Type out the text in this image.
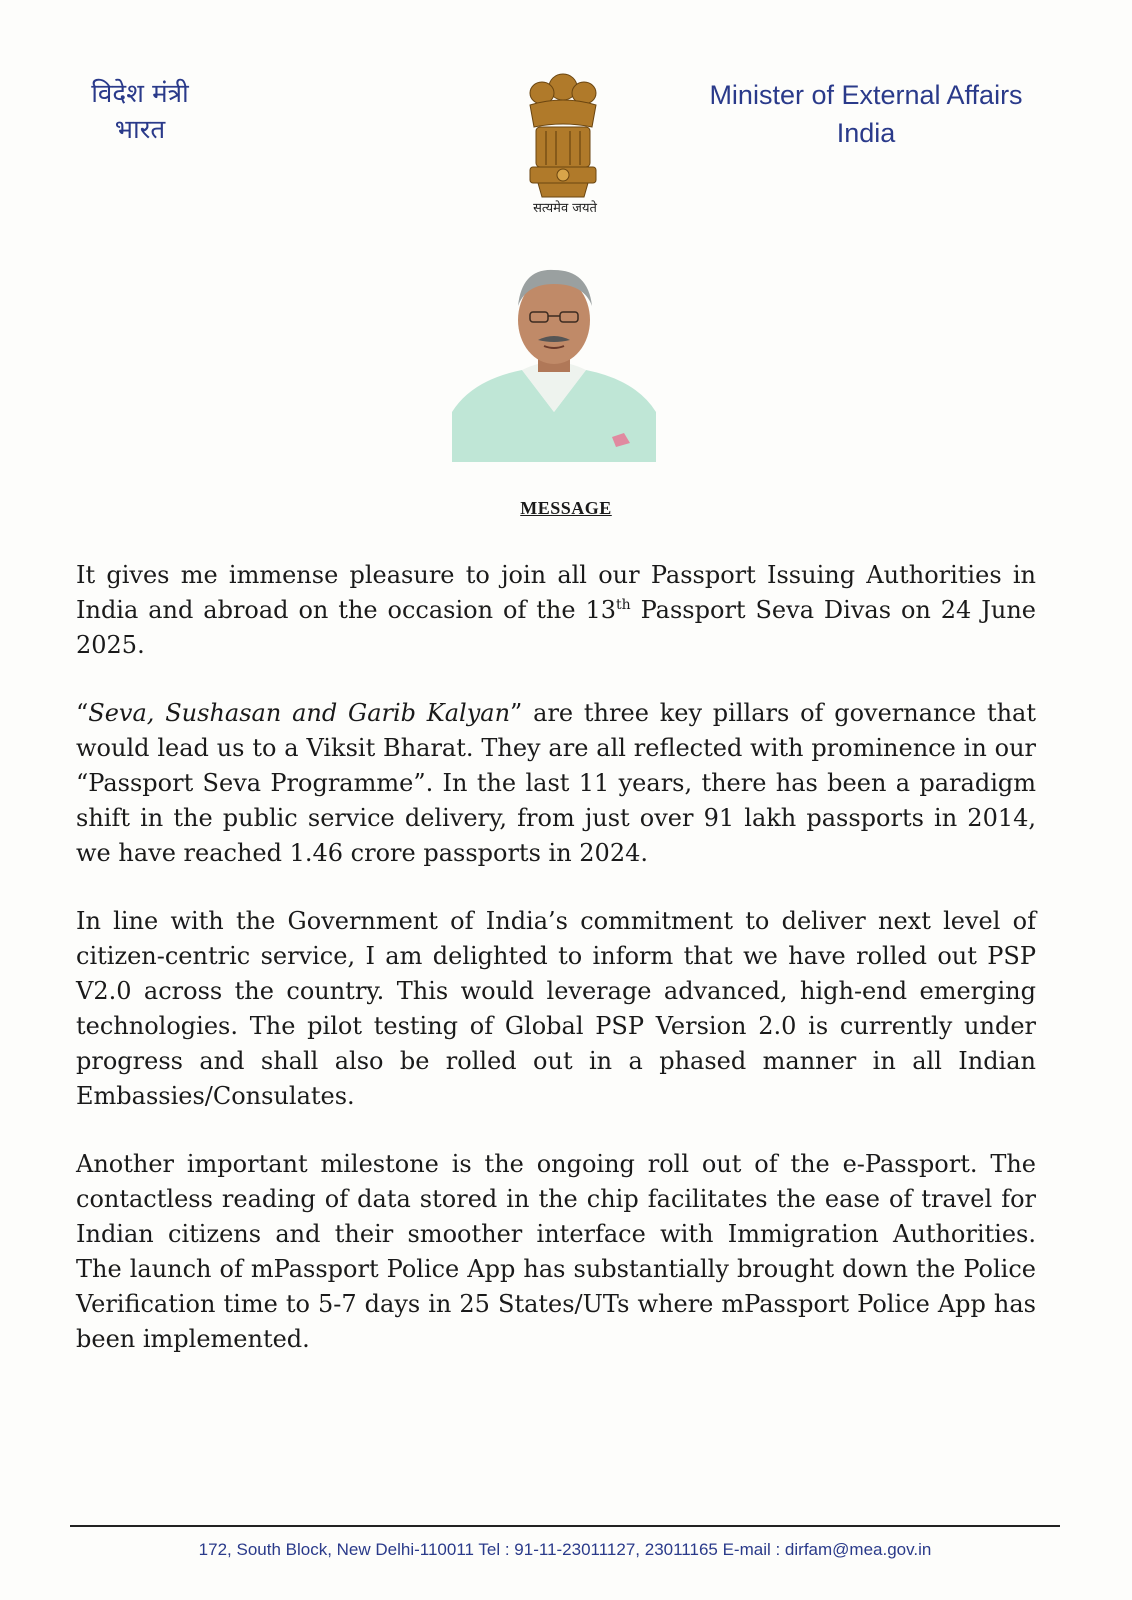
विदेश मंत्री
भारत
सत्यमेव जयते
Minister of External Affairs
India
MESSAGE

It gives me immense pleasure to join all our Passport Issuing Authorities in India and abroad on the occasion of the 13th Passport Seva Divas on 24 June 2025.

“Seva, Sushasan and Garib Kalyan” are three key pillars of governance that would lead us to a Viksit Bharat. They are all reflected with prominence in our “Passport Seva Programme”. In the last 11 years, there has been a paradigm shift in the public service delivery, from just over 91 lakh passports in 2014, we have reached 1.46 crore passports in 2024.

In line with the Government of India’s commitment to deliver next level of citizen-centric service, I am delighted to inform that we have rolled out PSP V2.0 across the country. This would leverage advanced, high-end emerging technologies. The pilot testing of Global PSP Version 2.0 is currently under progress and shall also be rolled out in a phased manner in all Indian Embassies/Consulates.

Another important milestone is the ongoing roll out of the e-Passport. The contactless reading of data stored in the chip facilitates the ease of travel for Indian citizens and their smoother interface with Immigration Authorities. The launch of mPassport Police App has substantially brought down the Police Verification time to 5-7 days in 25 States/UTs where mPassport Police App has been implemented.

172, South Block, New Delhi-110011 Tel : 91-11-23011127, 23011165 E-mail : dirfam@mea.gov.in
